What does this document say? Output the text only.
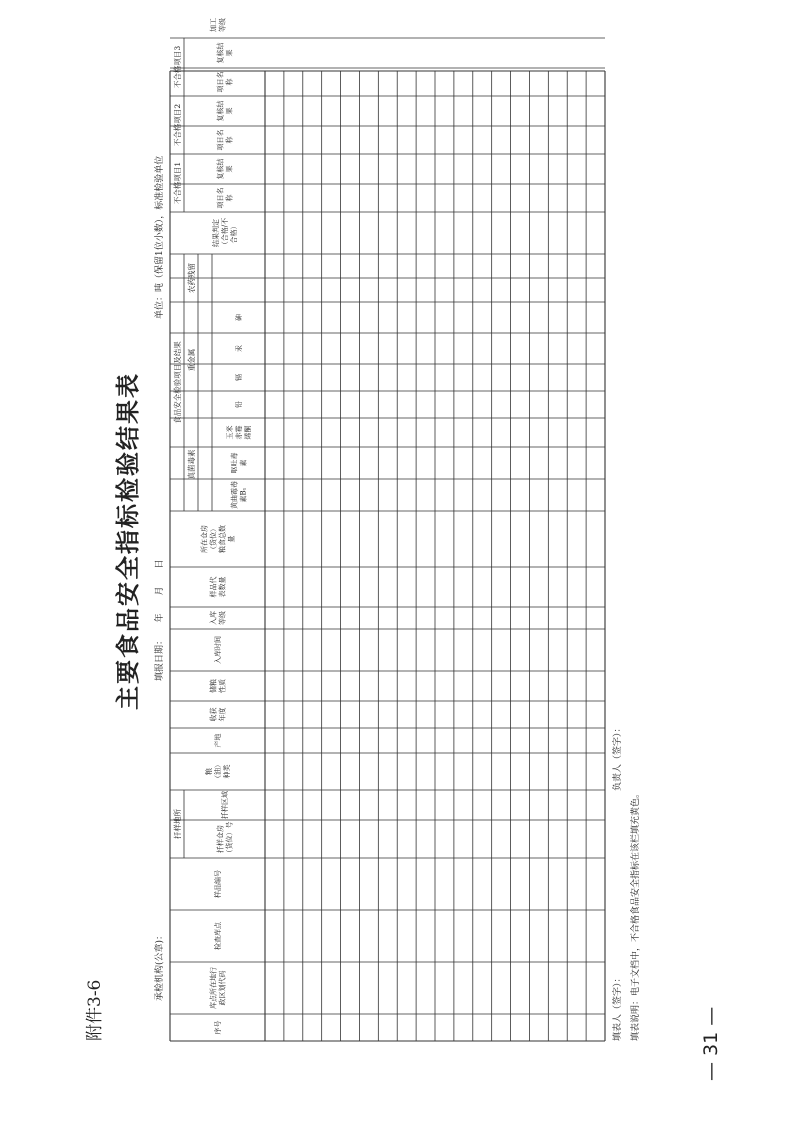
附件3-6
主要食品安全指标检验结果表
承检机构(公章)：
填报日期：　　年　　月　　日
单位：吨（保留1位小数），标准检验单位
扦样地所
食品安全检验项目及结果
不合格项目1
不合格项目2
不合格项目3
真菌毒素
重金属
农药残留
序号
库点所在地行 政区划代码
检查库点
样品编号
扦样仓房 （货位）号
扦样区域
粮 （油） 种类
产地
收获 年度
储粮 性质
入库时间
入库 等级
样品代 表数量
所在仓房 （货位） 粮食总数 量
黄曲霉毒 素B₁
呕吐毒 素
玉米 赤霉 烯酮
铅
镉
汞
砷
结果判定 （合格/不 合格）
项目名 称
复核结 果
项目名 称
复核结 果
项目名 称
复核结 果
加工 等级
填表人（签字）：
负责人（签字）：
填表说明：电子文档中，不合格食品安全指标在该栏填充黄色。
— 31 —
